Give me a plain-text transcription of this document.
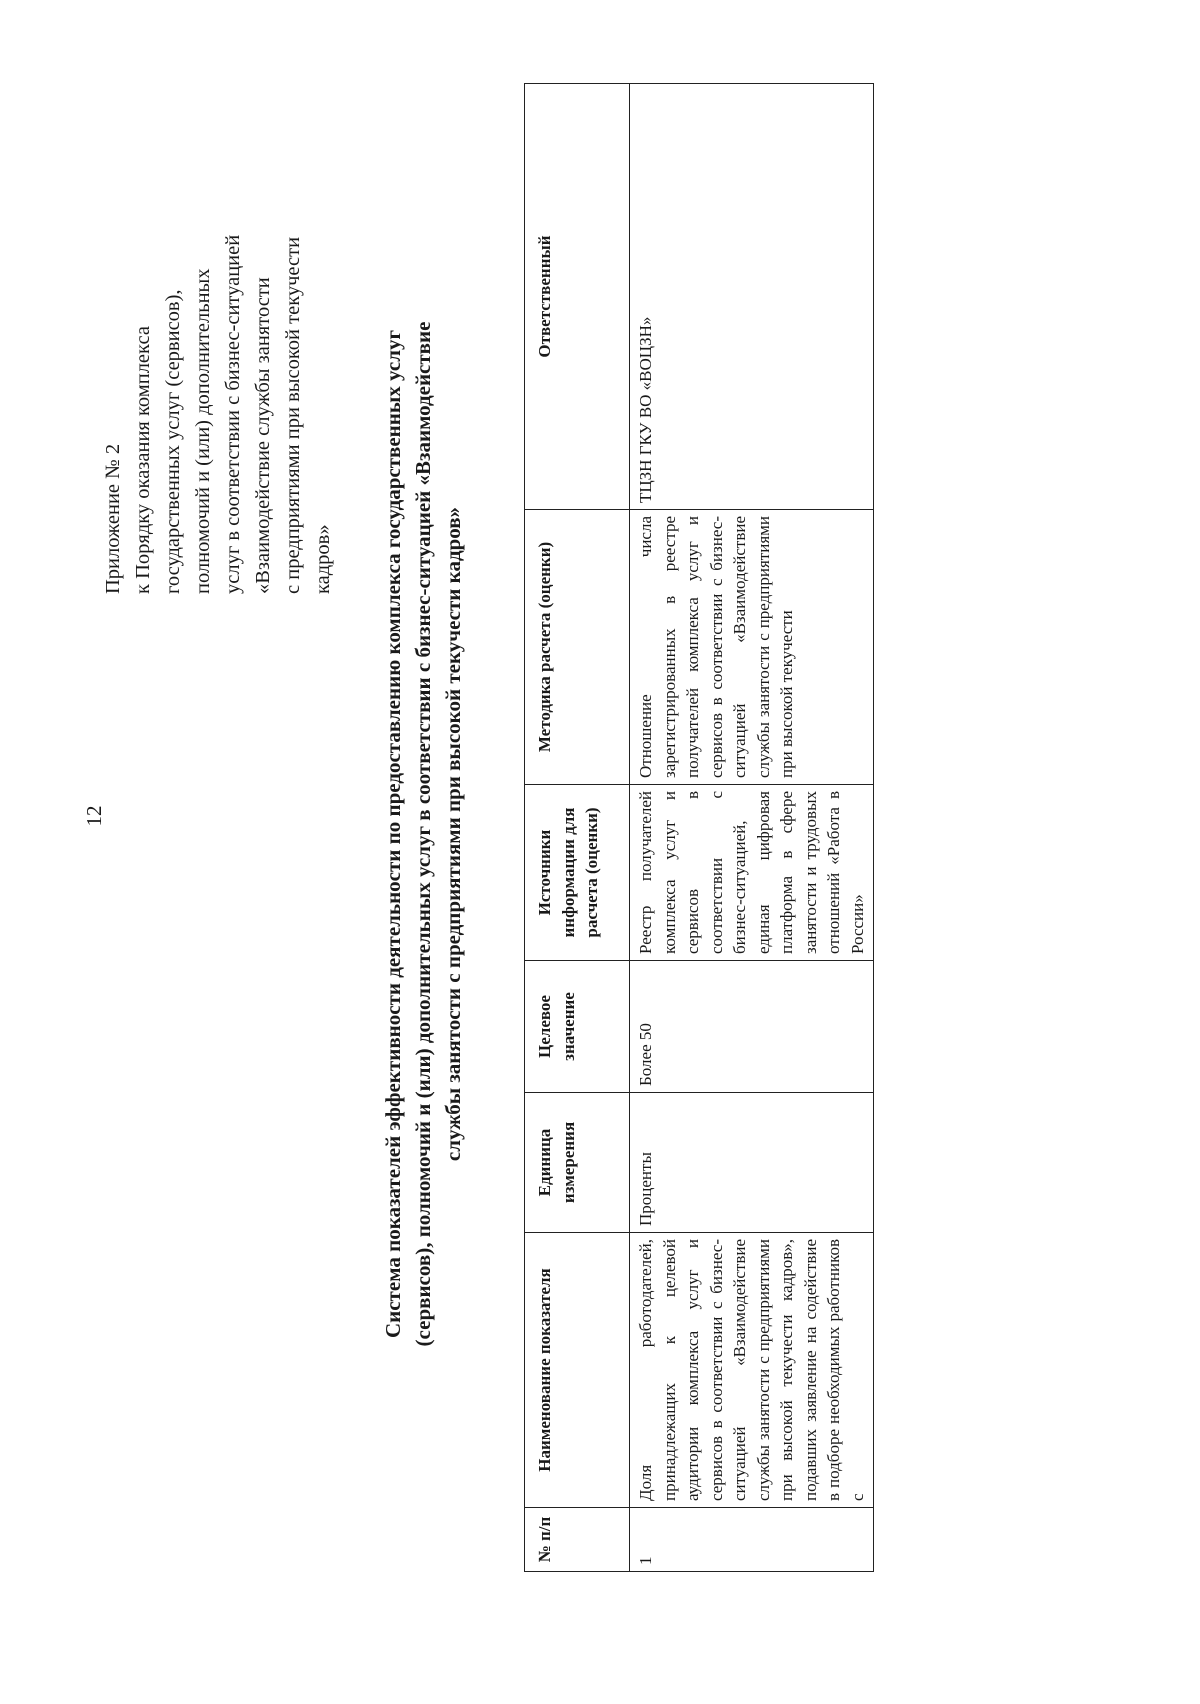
12
Приложение № 2 к Порядку оказания комплекса государственных услуг (сервисов), полномочий и (или) дополнительных услуг в соответствии с бизнес-ситуацией «Взаимодействие службы занятости с предприятиями при высокой текучести кадров» Система показателей эффективности деятельности по предоставлению комплекса государственных услуг (сервисов), полномочий и (или) дополнительных услуг в соответствии с бизнес-ситуацией «Взаимодействие службы занятости с предприятиями при высокой текучести кадров»
№ п/п	Наименование показателя	Единица измерения	Целевое значение	Источники информации для расчета (оценки)	Методика расчета (оценки)	Ответственный
1	Доля работодателей, принадлежащих к целевой аудитории комплекса услуг и сервисов в соответствии с бизнес-ситуацией «Взаимодействие службы занятости с предприятиями при высокой текучести кадров», подавших заявление на содействие в подборе необходимых работников с	Проценты	Более 50	Реестр получателей комплекса услуг и сервисов в соответствии с бизнес-ситуацией, единая цифровая платформа в сфере занятости и трудовых отношений «Работа в России»	Отношение числа зарегистрированных в реестре получателей комплекса услуг и сервисов в соответствии с бизнес-ситуацией «Взаимодействие службы занятости с предприятиями при высокой текучести	ТЦЗН ГКУ ВО «ВОЦЗН»
